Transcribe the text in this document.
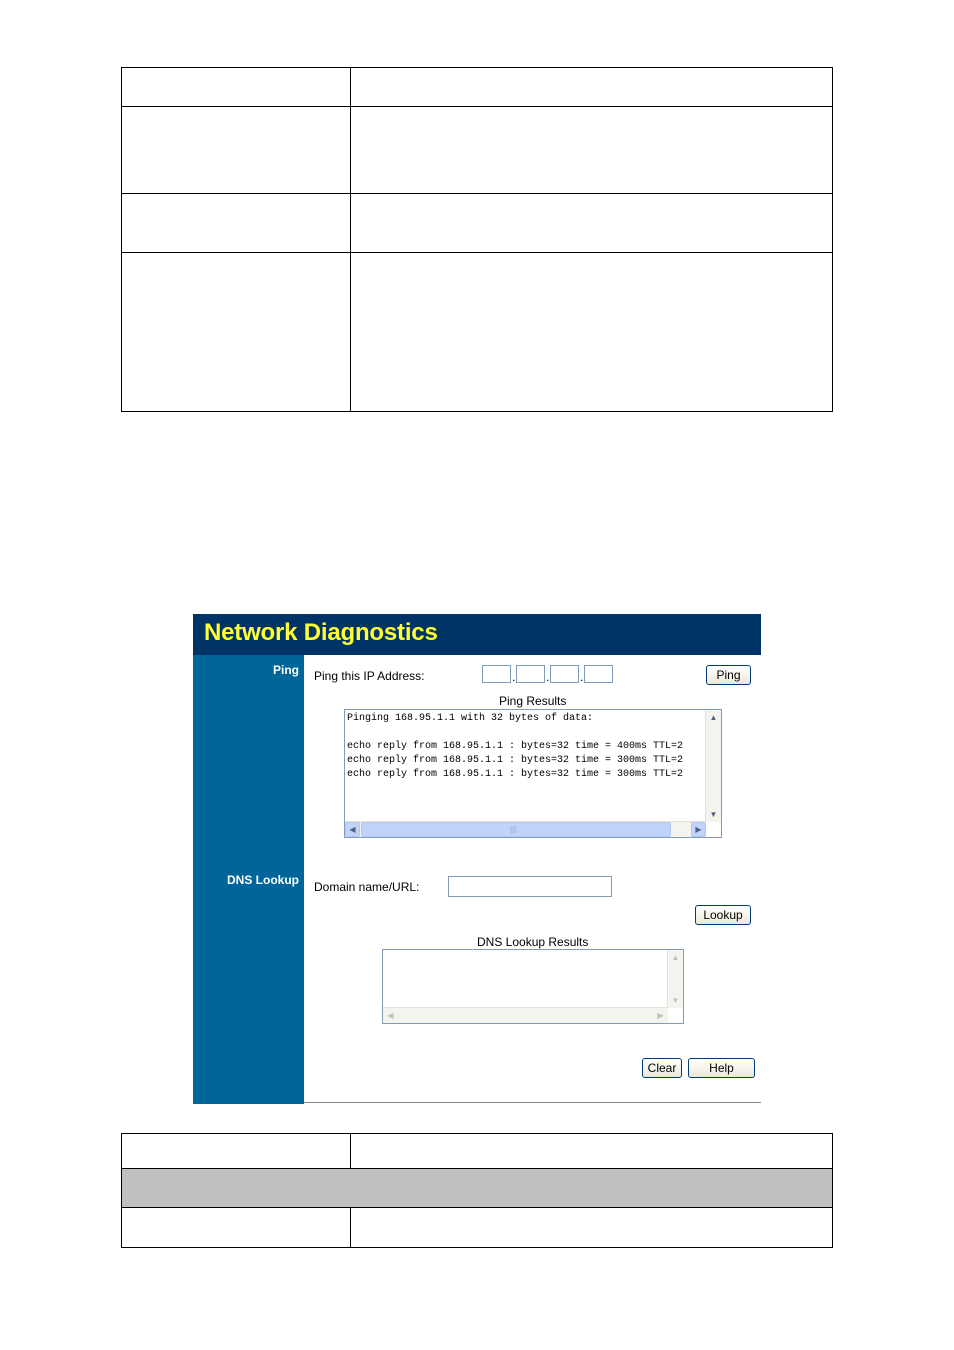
Network Diagnostics
Ping
DNS Lookup
Ping this IP Address:	.	.	.	Ping
Ping Results
Pinging 168.95.1.1 with 32 bytes of data:

echo reply from 168.95.1.1 : bytes=32 time = 400ms TTL=2
echo reply from 168.95.1.1 : bytes=32 time = 300ms TTL=2
echo reply from 168.95.1.1 : bytes=32 time = 300ms TTL=2
▲
▼
◀	|||	▶
Domain name/URL:
Lookup
DNS Lookup Results
▲
▼
◀	▶
Clear	Help
